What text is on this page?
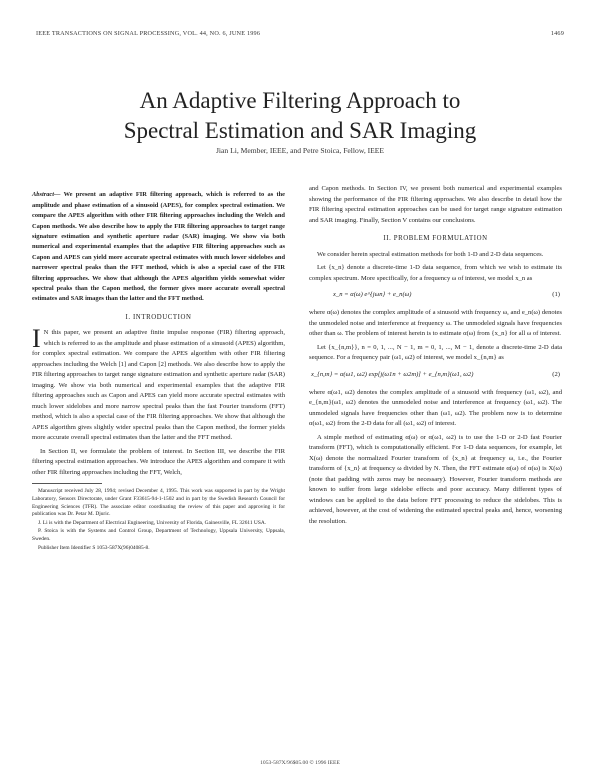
IEEE TRANSACTIONS ON SIGNAL PROCESSING, VOL. 44, NO. 6, JUNE 1996	1469
An Adaptive Filtering Approach to
Spectral Estimation and SAR Imaging
Jian Li, Member, IEEE, and Petre Stoica, Fellow, IEEE

Abstract— We present an adaptive FIR filtering approach, which is referred to as the amplitude and phase estimation of a sinusoid (APES), for complex spectral estimation. We compare the APES algorithm with other FIR filtering approaches including the Welch and Capon methods. We also describe how to apply the FIR filtering approaches to target range signature estimation and synthetic aperture radar (SAR) imaging. We show via both numerical and experimental examples that the adaptive FIR filtering approaches such as Capon and APES can yield more accurate spectral estimates with much lower sidelobes and narrower spectral peaks than the FFT method, which is also a special case of the FIR filtering approaches. We show that although the APES algorithm yields somewhat wider spectral peaks than the Capon method, the former gives more accurate overall spectral estimates and SAR images than the latter and the FFT method.

I. INTRODUCTION

I N this paper, we present an adaptive finite impulse response (FIR) filtering approach, which is referred to as the amplitude and phase estimation of a sinusoid (APES) algorithm, for complex spectral estimation. We compare the APES algorithm with other FIR filtering approaches including the Welch [1] and Capon [2] methods. We also describe how to apply the FIR filtering approaches to target range signature estimation and synthetic aperture radar (SAR) imaging. We show via both numerical and experimental examples that the adaptive FIR filtering approaches such as Capon and APES can yield more accurate spectral estimates with much lower sidelobes and more narrow spectral peaks than the fast Fourier transform (FFT) method, which is also a special case of the FIR filtering approaches. We show that although the APES algorithm gives slightly wider spectral peaks than the Capon method, the former yields more accurate overall spectral estimates than the latter and the FFT method.

In Section II, we formulate the problem of interest. In Section III, we describe the FIR filtering spectral estimation approaches. We introduce the APES algorithm and compare it with other FIR filtering approaches including the FFT, Welch,

Manuscript received July 28, 1994; revised December 4, 1995. This work was supported in part by the Wright Laboratory, Sensors Directorate, under Grant F33615-94-1-1502 and in part by the Swedish Research Council for Engineering Sciences (TFR). The associate editor coordinating the review of this paper and approving it for publication was Dr. Petar M. Djuric.

J. Li is with the Department of Electrical Engineering, University of Florida, Gainesville, FL 32611 USA.

P. Stoica is with the Systems and Control Group, Department of Technology, Uppsala University, Uppsala, Sweden.

Publisher Item Identifier S 1053-587X(96)04085-8.

and Capon methods. In Section IV, we present both numerical and experimental examples showing the performance of the FIR filtering approaches. We also describe in detail how the FIR filtering spectral estimation approaches can be used for target range signature estimation and SAR imaging. Finally, Section V contains our conclusions.

II. PROBLEM FORMULATION

We consider herein spectral estimation methods for both 1-D and 2-D data sequences.

Let {x_n} denote a discrete-time 1-D data sequence, from which we wish to estimate its complex spectrum. More specifically, for a frequency ω of interest, we model x_n as

x_n = α(ω) e^{jωn} + e_n(ω)	(1)

where α(ω) denotes the complex amplitude of a sinusoid with frequency ω, and e_n(ω) denotes the unmodeled noise and interference at frequency ω. The unmodeled signals have frequencies other than ω. The problem of interest herein is to estimate α(ω) from {x_n} for all ω of interest.

Let {x_{n,m}}, n = 0, 1, ..., N − 1, m = 0, 1, ..., M − 1, denote a discrete-time 2-D data sequence. For a frequency pair (ω1, ω2) of interest, we model x_{n,m} as

x_{n,m} = α(ω1, ω2) exp[j(ω1n + ω2m)] + e_{n,m}(ω1, ω2)	(2)

where α(ω1, ω2) denotes the complex amplitude of a sinusoid with frequency (ω1, ω2), and e_{n,m}(ω1, ω2) denotes the unmodeled noise and interference at frequency (ω1, ω2). The unmodeled signals have frequencies other than (ω1, ω2). The problem now is to determine α(ω1, ω2) from the 2-D data for all (ω1, ω2) of interest.

A simple method of estimating α(ω) or α(ω1, ω2) is to use the 1-D or 2-D fast Fourier transform (FFT), which is computationally efficient. For 1-D data sequences, for example, let X(ω) denote the normalized Fourier transform of {x_n} at frequency ω, i.e., the Fourier transform of {x_n} at frequency ω divided by N. Then, the FFT estimate α(ω) of α(ω) is X(ω) (note that padding with zeros may be necessary). However, Fourier transform methods are known to suffer from large sidelobe effects and poor accuracy. Many different types of windows can be applied to the data before FFT processing to reduce the sidelobes. This is achieved, however, at the cost of widening the estimated spectral peaks and, hence, worsening the resolution.

1053-587X/96$05.00 © 1996 IEEE
